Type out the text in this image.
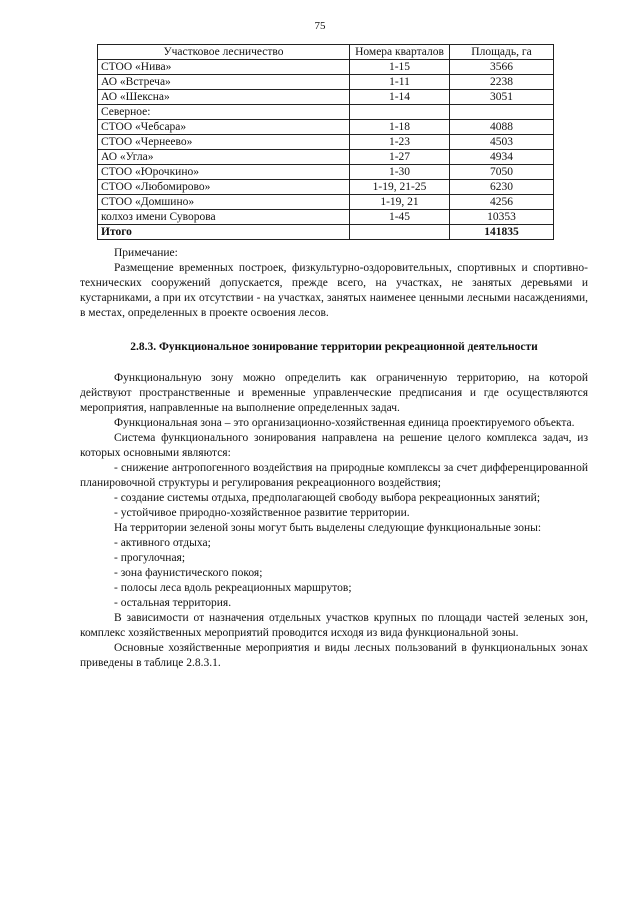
75
Участковое лесничество	Номера кварталов	Площадь, га
СТОО «Нива»	1-15	3566
АО «Встреча»	1-11	2238
АО «Шексна»	1-14	3051
Северное:		
СТОО «Чебсара»	1-18	4088
СТОО «Чернеево»	1-23	4503
АО «Угла»	1-27	4934
СТОО «Юрочкино»	1-30	7050
СТОО «Любомирово»	1-19, 21-25	6230
СТОО «Домшино»	1-19, 21	4256
колхоз имени Суворова	1-45	10353
Итого		141835

Примечание:

Размещение временных построек, физкультурно-оздоровительных, спортивных и спортивно-технических сооружений допускается, прежде всего, на участках, не занятых деревьями и кустарниками, а при их отсутствии - на участках, занятых наименее ценными лесными насаждениями, в местах, определенных в проекте освоения лесов.

2.8.3. Функциональное зонирование территории рекреационной деятельности

Функциональную зону можно определить как ограниченную территорию, на которой действуют пространственные и временные управленческие предписания и где осуществляются мероприятия, направленные на выполнение определенных задач.

Функциональная зона – это организационно-хозяйственная единица проектируемого объекта.

Система функционального зонирования направлена на решение целого комплекса задач, из которых основными являются:

- снижение антропогенного воздействия на природные комплексы за счет дифференцированной планировочной структуры и регулирования рекреационного воздействия;

- создание системы отдыха, предполагающей свободу выбора рекреационных занятий;

- устойчивое природно-хозяйственное развитие территории.

На территории зеленой зоны могут быть выделены следующие функциональные зоны:

- активного отдыха;

- прогулочная;

- зона фаунистического покоя;

- полосы леса вдоль рекреационных маршрутов;

- остальная территория.

В зависимости от назначения отдельных участков крупных по площади частей зеленых зон, комплекс хозяйственных мероприятий проводится исходя из вида функциональной зоны.

Основные хозяйственные мероприятия и виды лесных пользований в функциональных зонах приведены в таблице 2.8.3.1.
